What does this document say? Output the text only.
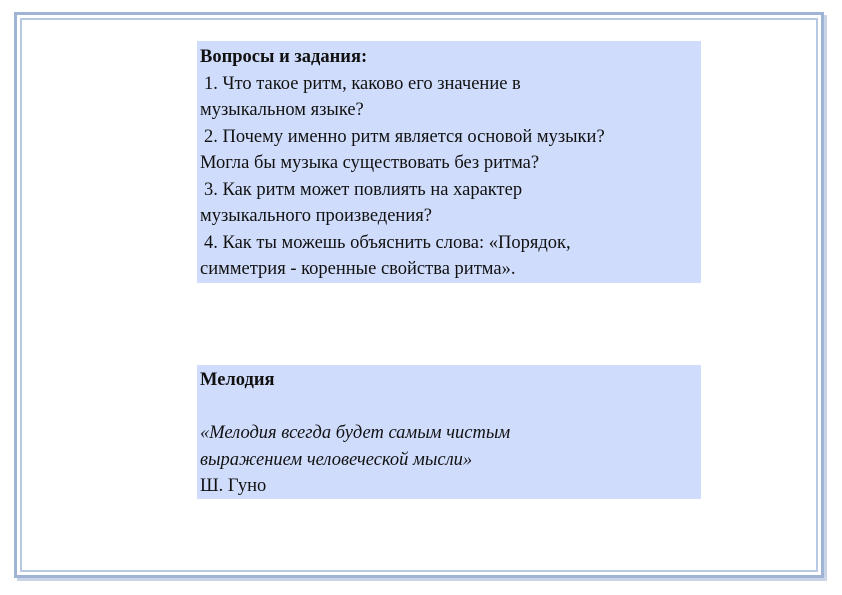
Вопросы и задания:
1. Что такое ритм, каково его значение в
музыкальном языке?
2. Почему именно ритм является основой музыки?
Могла бы музыка существовать без ритма?
3. Как ритм может повлиять на характер
музыкального произведения?
4. Как ты можешь объяснить слова: «Порядок,
симметрия - коренные свойства ритма».
Мелодия
«Мелодия всегда будет самым чистым
выражением человеческой мысли»
Ш. Гуно
